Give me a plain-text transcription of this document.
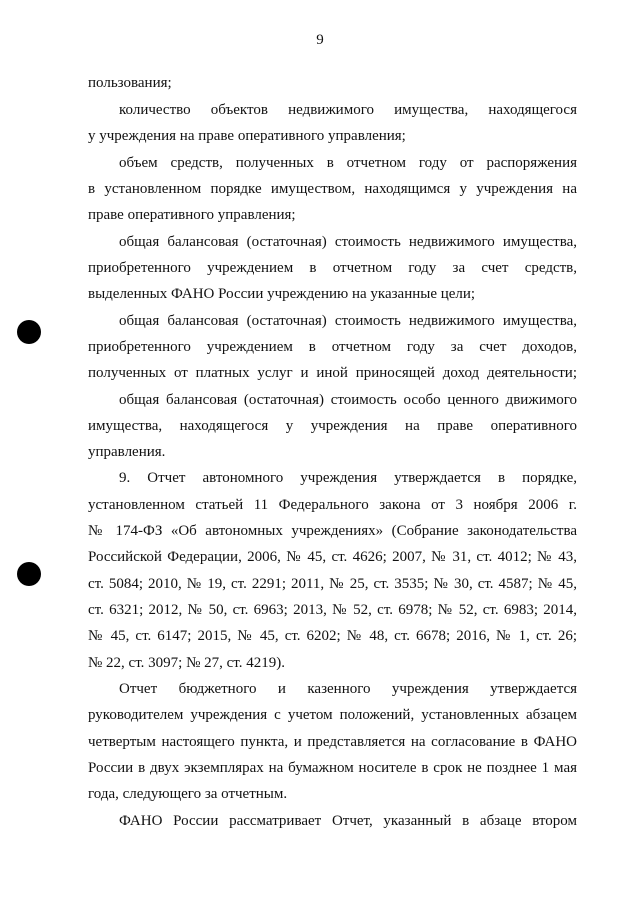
9
пользования;
количество объектов недвижимого имущества, находящегося
у учреждения на праве оперативного управления;
объем средств, полученных в отчетном году от распоряжения
в установленном порядке имуществом, находящимся у учреждения на
праве оперативного управления;
общая балансовая (остаточная) стоимость недвижимого имущества,
приобретенного учреждением в отчетном году за счет средств,
выделенных ФАНО России учреждению на указанные цели;
общая балансовая (остаточная) стоимость недвижимого имущества,
приобретенного учреждением в отчетном году за счет доходов,
полученных от платных услуг и иной приносящей доход деятельности;
общая балансовая (остаточная) стоимость особо ценного движимого
имущества, находящегося у учреждения на праве оперативного
управления.
9. Отчет автономного учреждения утверждается в порядке,
установленном статьей 11 Федерального закона от 3 ноября 2006 г.
№ 174-ФЗ «Об автономных учреждениях» (Собрание законодательства
Российской Федерации, 2006, № 45, ст. 4626; 2007, № 31, ст. 4012; № 43,
ст. 5084; 2010, № 19, ст. 2291; 2011, № 25, ст. 3535; № 30, ст. 4587; № 45,
ст. 6321; 2012, № 50, ст. 6963; 2013, № 52, ст. 6978; № 52, ст. 6983; 2014,
№ 45, ст. 6147; 2015, № 45, ст. 6202; № 48, ст. 6678; 2016, № 1, ст. 26;
№ 22, ст. 3097; № 27, ст. 4219).
Отчет бюджетного и казенного учреждения утверждается
руководителем учреждения с учетом положений, установленных абзацем
четвертым настоящего пункта, и представляется на согласование в ФАНО
России в двух экземплярах на бумажном носителе в срок не позднее 1 мая
года, следующего за отчетным.
ФАНО России рассматривает Отчет, указанный в абзаце втором
